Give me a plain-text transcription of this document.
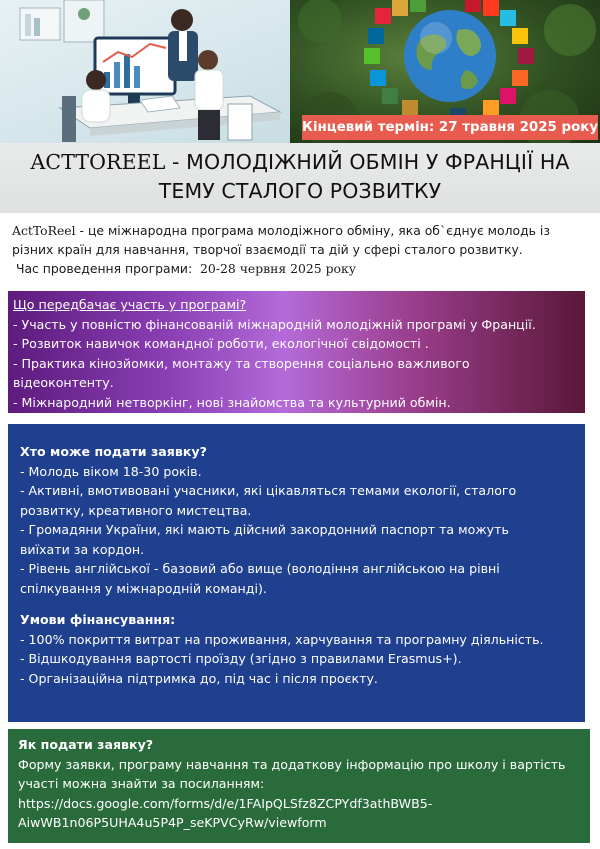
Кінцевий термін: 27 травня 2025 року
ACTTOREEL - МОЛОДІЖНИЙ ОБМІН У ФРАНЦІЇ НА
ТЕМУ СТАЛОГО РОЗВИТКУ
ActToReel - це міжнародна програма молодіжного обміну, яка об`єднує молодь із
різних країн для навчання, творчої взаємодії та дій у сфері сталого розвитку.
Час проведення програми:  20-28 червня 2025 року
Що передбачає участь у програмі?
- Участь у повністю фінансованій міжнародній молодіжній програмі у Франції.
- Розвиток навичок командної роботи, екологічної свідомості .
- Практика кінозйомки, монтажу та створення соціально важливого
відеоконтенту.
- Міжнародний нетворкінг, нові знайомства та культурний обмін.
Хто може подати заявку?
- Молодь віком 18-30 років.
- Активні, вмотивовані учасники, які цікавляться темами екології, сталого
розвитку, креативного мистецтва.
- Громадяни України, які мають дійсний закордонний паспорт та можуть
виїхати за кордон.
- Рівень англійської - базовий або вище (володіння англійською на рівні
спілкування у міжнародній команді).
Умови фінансування:
- 100% покриття витрат на проживання, харчування та програмну діяльність.
- Відшкодування вартості проїзду (згідно з правилами Erasmus+).
- Організаційна підтримка до, під час і після проєкту.
Як подати заявку?
Форму заявки, програму навчання та додаткову інформацію про школу і вартість
участі можна знайти за посиланням:
https://docs.google.com/forms/d/e/1FAIpQLSfz8ZCPYdf3athBWB5-
AiwWB1n06P5UHA4u5P4P_seKPVCyRw/viewform
